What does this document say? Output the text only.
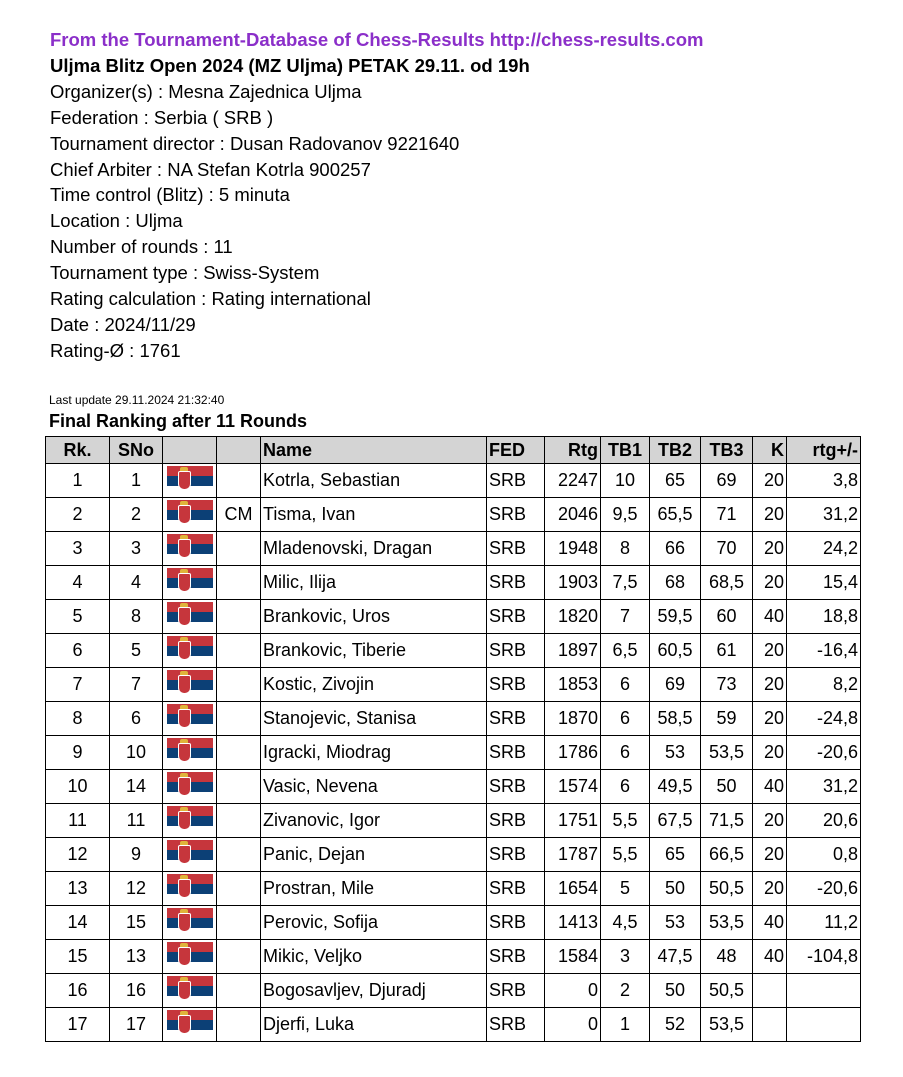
From the Tournament-Database of Chess-Results http://chess-results.com
Uljma Blitz Open 2024 (MZ Uljma) PETAK 29.11. od 19h
Organizer(s) : Mesna Zajednica Uljma
Federation : Serbia ( SRB )
Tournament director : Dusan Radovanov 9221640
Chief Arbiter : NA Stefan Kotrla 900257
Time control (Blitz) : 5 minuta
Location : Uljma
Number of rounds : 11
Tournament type : Swiss-System
Rating calculation : Rating international
Date : 2024/11/29
Rating-Ø : 1761
Last update 29.11.2024 21:32:40
Final Ranking after 11 Rounds
Rk.	SNo			Name	FED	Rtg	TB1	TB2	TB3	K	rtg+/-
1	1			Kotrla, Sebastian	SRB	2247	10	65	69	20	3,8
2	2		CM	Tisma, Ivan	SRB	2046	9,5	65,5	71	20	31,2
3	3			Mladenovski, Dragan	SRB	1948	8	66	70	20	24,2
4	4			Milic, Ilija	SRB	1903	7,5	68	68,5	20	15,4
5	8			Brankovic, Uros	SRB	1820	7	59,5	60	40	18,8
6	5			Brankovic, Tiberie	SRB	1897	6,5	60,5	61	20	-16,4
7	7			Kostic, Zivojin	SRB	1853	6	69	73	20	8,2
8	6			Stanojevic, Stanisa	SRB	1870	6	58,5	59	20	-24,8
9	10			Igracki, Miodrag	SRB	1786	6	53	53,5	20	-20,6
10	14			Vasic, Nevena	SRB	1574	6	49,5	50	40	31,2
11	11			Zivanovic, Igor	SRB	1751	5,5	67,5	71,5	20	20,6
12	9			Panic, Dejan	SRB	1787	5,5	65	66,5	20	0,8
13	12			Prostran, Mile	SRB	1654	5	50	50,5	20	-20,6
14	15			Perovic, Sofija	SRB	1413	4,5	53	53,5	40	11,2
15	13			Mikic, Veljko	SRB	1584	3	47,5	48	40	-104,8
16	16			Bogosavljev, Djuradj	SRB	0	2	50	50,5		
17	17			Djerfi, Luka	SRB	0	1	52	53,5		
